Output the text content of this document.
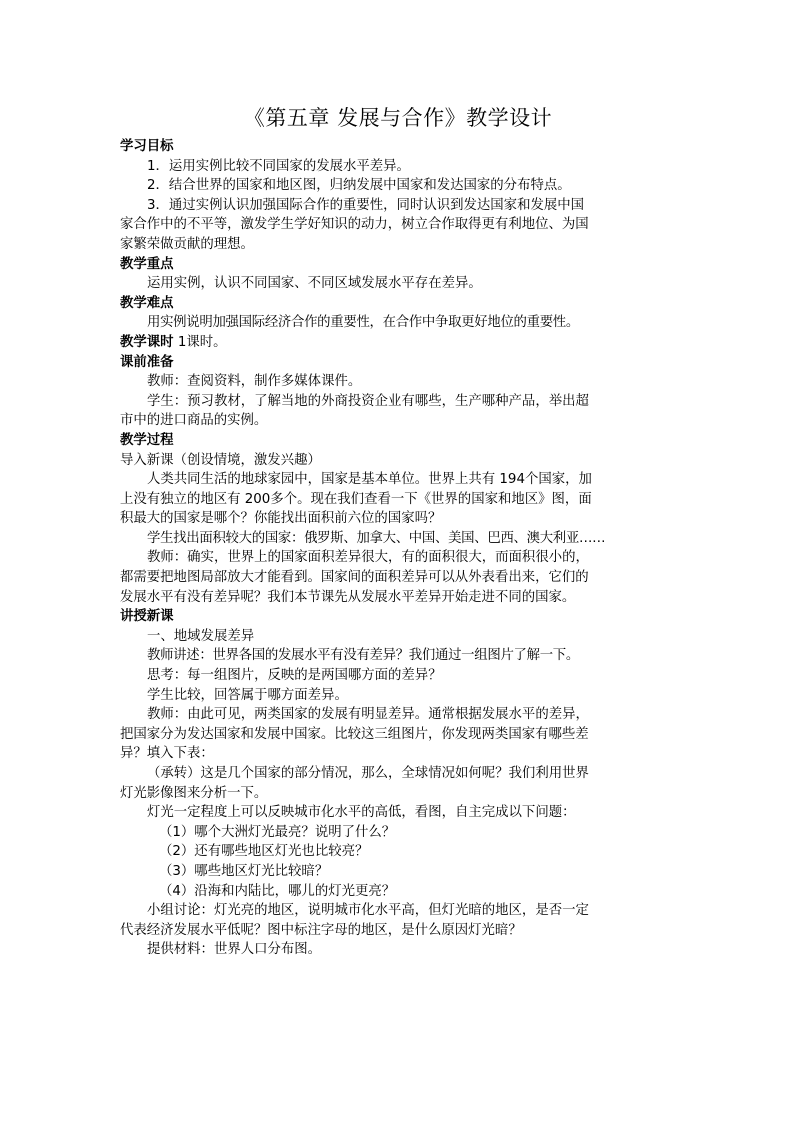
《第五章 发展与合作》教学设计

学习目标

1．运用实例比较不同国家的发展水平差异。

2．结合世界的国家和地区图，归纳发展中国家和发达国家的分布特点。

3．通过实例认识加强国际合作的重要性，同时认识到发达国家和发展中国

家合作中的不平等，激发学生学好知识的动力，树立合作取得更有利地位、为国

家繁荣做贡献的理想。

教学重点

运用实例，认识不同国家、不同区域发展水平存在差异。

教学难点

用实例说明加强国际经济合作的重要性，在合作中争取更好地位的重要性。

教学课时 1课时。

课前准备

教师：查阅资料，制作多媒体课件。

学生：预习教材，了解当地的外商投资企业有哪些，生产哪种产品，举出超

市中的进口商品的实例。

教学过程

导入新课（创设情境，激发兴趣）

人类共同生活的地球家园中，国家是基本单位。世界上共有 194个国家，加

上没有独立的地区有 200多个。现在我们查看一下《世界的国家和地区》图，面

积最大的国家是哪个？你能找出面积前六位的国家吗？

学生找出面积较大的国家：俄罗斯、加拿大、中国、美国、巴西、澳大利亚……

教师：确实，世界上的国家面积差异很大，有的面积很大，而面积很小的，

都需要把地图局部放大才能看到。国家间的面积差异可以从外表看出来，它们的

发展水平有没有差异呢？我们本节课先从发展水平差异开始走进不同的国家。

讲授新课

一、地域发展差异

教师讲述：世界各国的发展水平有没有差异？我们通过一组图片了解一下。

思考：每一组图片，反映的是两国哪方面的差异？

学生比较，回答属于哪方面差异。

教师：由此可见，两类国家的发展有明显差异。通常根据发展水平的差异，

把国家分为发达国家和发展中国家。比较这三组图片，你发现两类国家有哪些差

异？填入下表：

（承转）这是几个国家的部分情况，那么，全球情况如何呢？我们利用世界

灯光影像图来分析一下。

灯光一定程度上可以反映城市化水平的高低，看图，自主完成以下问题：

（1）哪个大洲灯光最亮？说明了什么？

（2）还有哪些地区灯光也比较亮？

（3）哪些地区灯光比较暗？

（4）沿海和内陆比，哪儿的灯光更亮？

小组讨论：灯光亮的地区，说明城市化水平高，但灯光暗的地区，是否一定

代表经济发展水平低呢？图中标注字母的地区，是什么原因灯光暗？

提供材料：世界人口分布图。
